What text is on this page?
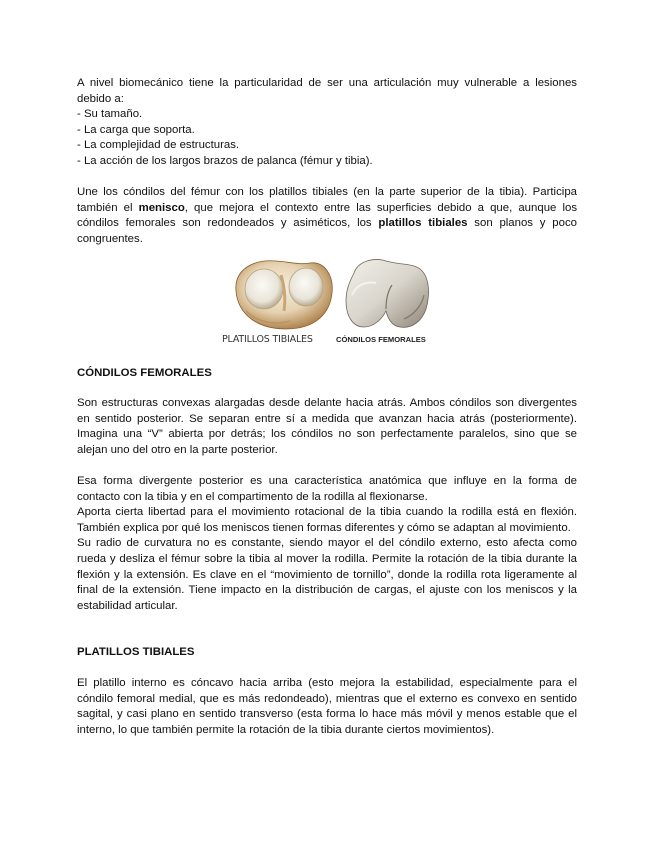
A nivel biomecánico tiene la particularidad de ser una articulación muy vulnerable a lesiones debido a:

- Su tamaño.
- La carga que soporta.
- La complejidad de estructuras.
- La acción de los largos brazos de palanca (fémur y tibia).

Une los cóndilos del fémur con los platillos tibiales (en la parte superior de la tibia). Participa también el menisco, que mejora el contexto entre las superficies debido a que, aunque los cóndilos femorales son redondeados y asiméticos, los platillos tibiales son planos y poco congruentes.

PLATILLOS TIBIALES	CÓNDILOS FEMORALES
CÓNDILOS FEMORALES

Son estructuras convexas alargadas desde delante hacia atrás. Ambos cóndilos son divergentes en sentido posterior. Se separan entre sí a medida que avanzan hacia atrás (posteriormente). Imagina una “V” abierta por detrás; los cóndilos no son perfectamente paralelos, sino que se alejan uno del otro en la parte posterior.

Esa forma divergente posterior es una característica anatómica que influye en la forma de contacto con la tibia y en el compartimento de la rodilla al flexionarse.

Aporta cierta libertad para el movimiento rotacional de la tibia cuando la rodilla está en flexión. También explica por qué los meniscos tienen formas diferentes y cómo se adaptan al movimiento.

Su radio de curvatura no es constante, siendo mayor el del cóndilo externo, esto afecta como rueda y desliza el fémur sobre la tibia al mover la rodilla. Permite la rotación de la tibia durante la flexión y la extensión. Es clave en el “movimiento de tornillo”, donde la rodilla rota ligeramente al final de la extensión. Tiene impacto en la distribución de cargas, el ajuste con los meniscos y la estabilidad articular.

PLATILLOS TIBIALES

El platillo interno es cóncavo hacia arriba (esto mejora la estabilidad, especialmente para el cóndilo femoral medial, que es más redondeado), mientras que el externo es convexo en sentido sagital, y casi plano en sentido transverso (esta forma lo hace más móvil y menos estable que el interno, lo que también permite la rotación de la tibia durante ciertos movimientos).
